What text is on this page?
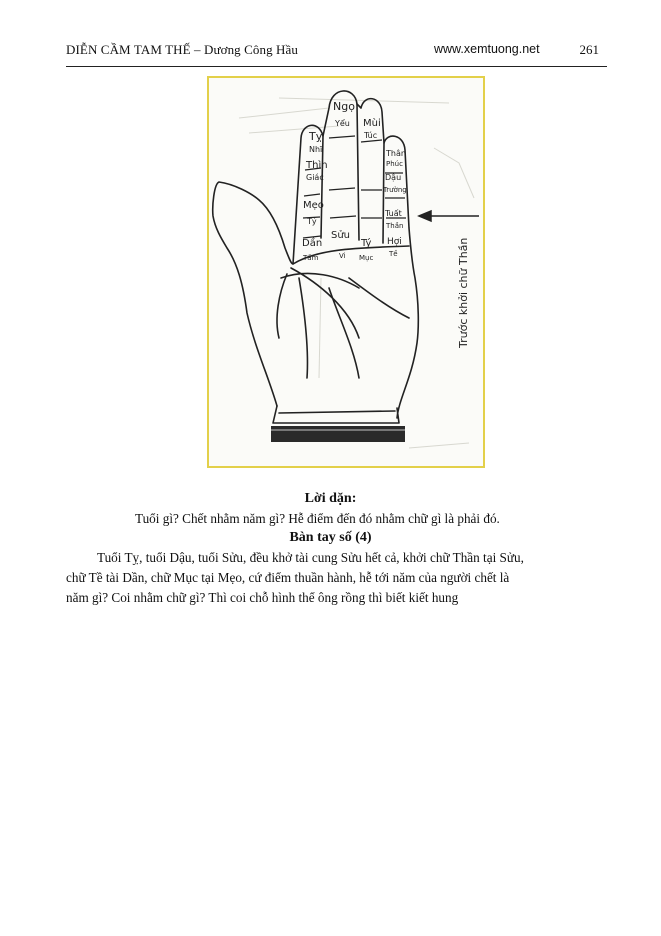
DIỄN CẦM TAM THẾ – Dương Công Hầu	www.xemtuong.net	261
Ngọ
Yểu Mùi
Túc
Tỵ
Nhĩ
Thìn
Giác
Mẹo
Tỷ
Dần
Tấm
Sửu
Vi
Tý
Mục
Thân
Phúc
Dậu
Trường
Tuất
Thần
Hợi
Tề	Trước khởi chữ Thần
Lời dặn:
Tuổi gì? Chết nhằm năm gì? Hễ điểm đến đó nhằm chữ gì là phải đó.
Bàn tay số (4)
Tuổi Tỵ, tuổi Dậu, tuổi Sửu, đều khở tài cung Sửu hết cả, khởi chữ Thần tại Sửu,
chữ Tề tài Dần, chữ Mục tại Mẹo, cứ điểm thuần hành, hễ tới năm của người chết là
năm gì? Coi nhằm chữ gì? Thì coi chỗ hình thể ông rồng thì biết kiết hung
